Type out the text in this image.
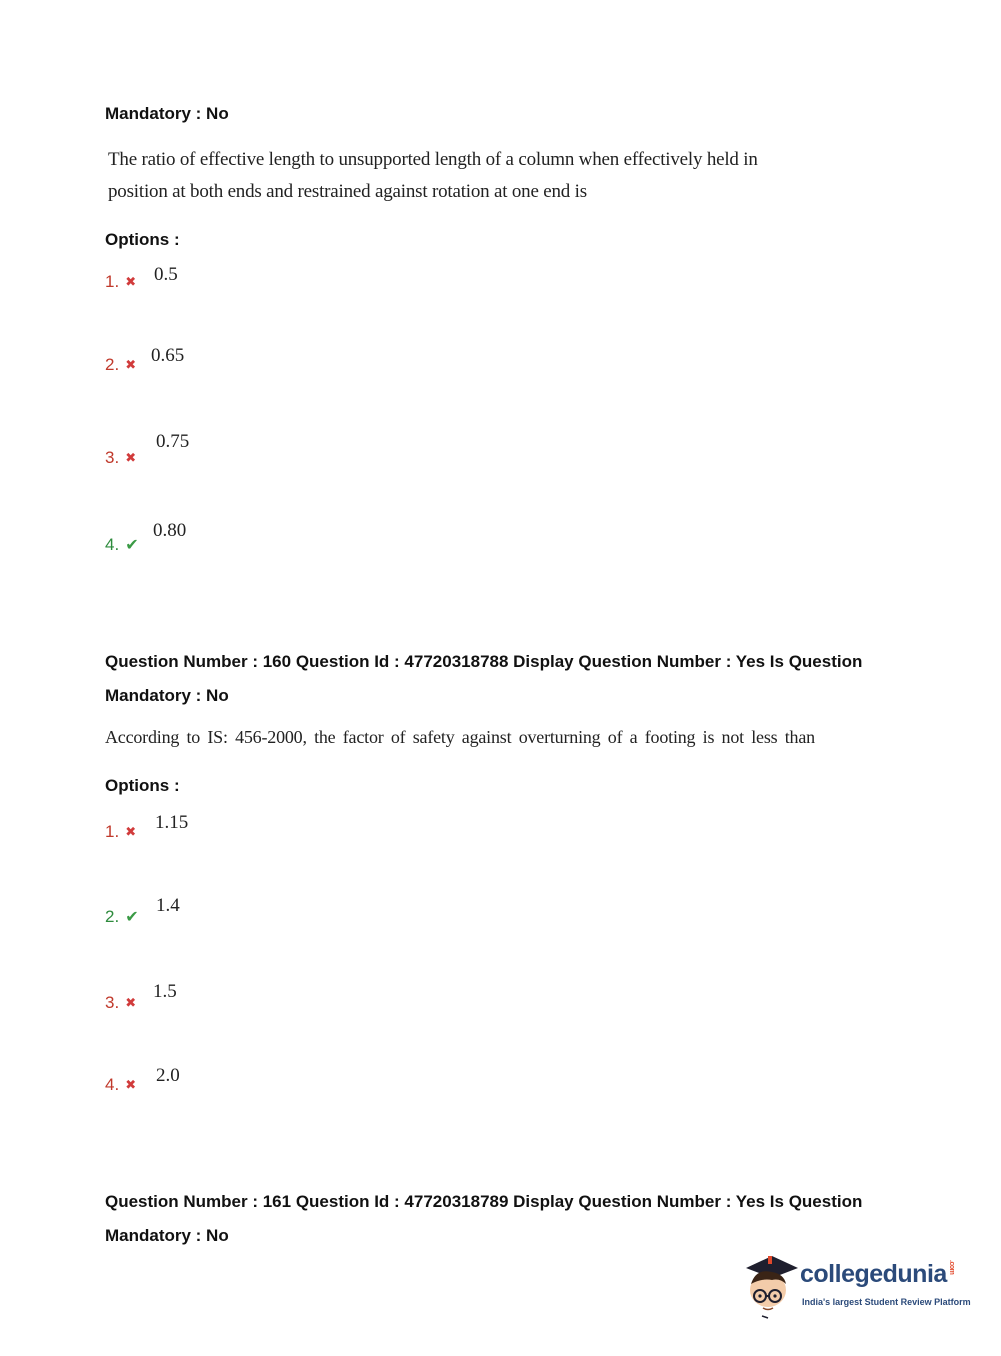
Mandatory : No
The ratio of effective length to unsupported length of a column when effectively held in
position at both ends and restrained against rotation at one end is
Options :
1. ✖ 0.5
2. ✖ 0.65
3. ✖
0.75
4. ✔
0.80
Question Number : 160 Question Id : 47720318788 Display Question Number : Yes Is Question
Mandatory : No
According to IS: 456-2000, the factor of safety against overturning of a footing is not less than
Options :
1. ✖ 1.15
2. ✔
1.4
3. ✖
1.5
4. ✖ 2.0
Question Number : 161 Question Id : 47720318789 Display Question Number : Yes Is Question
Mandatory : No
collegedunia.com
India's largest Student Review Platform
